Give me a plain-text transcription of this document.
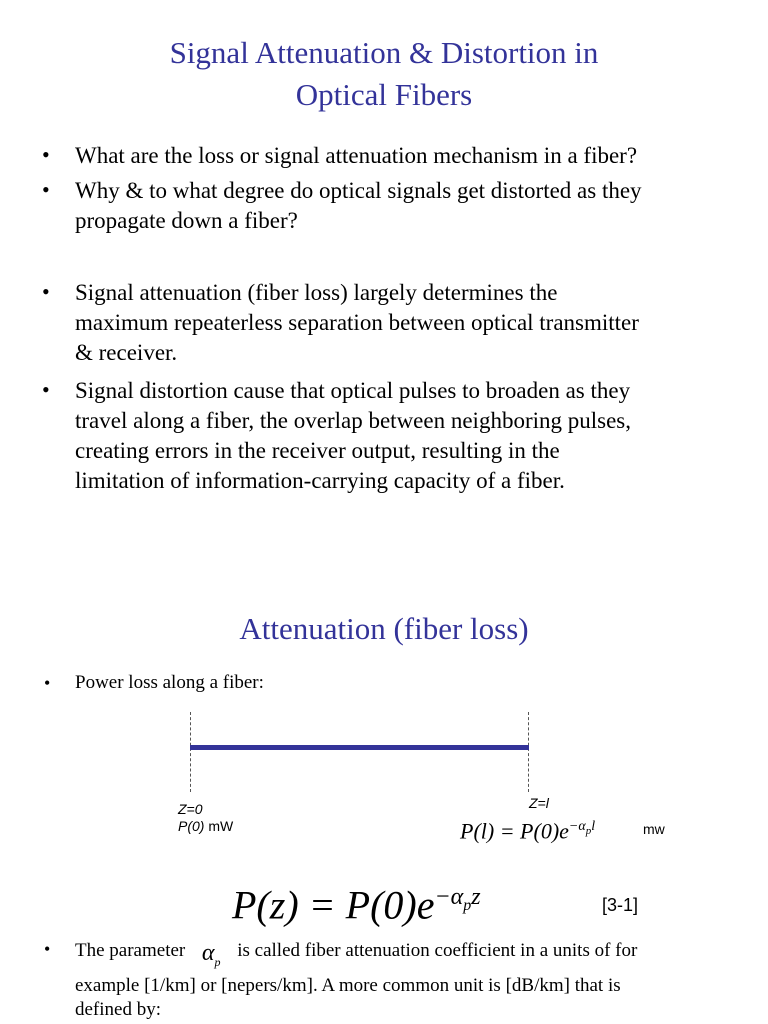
Signal Attenuation & Distortion in
Optical Fibers
• What are the loss or signal attenuation mechanism in a fiber?
• Why & to what degree do optical signals get distorted as they
propagate down a fiber?
• Signal attenuation (fiber loss) largely determines the
maximum repeaterless separation between optical transmitter
& receiver.
• Signal distortion cause that optical pulses to broaden as they
travel along a fiber, the overlap between neighboring pulses,
creating errors in the receiver output, resulting in the
limitation of information-carrying capacity of a fiber.
Attenuation (fiber loss)
• Power loss along a fiber:
Z=0
P(0) mW
Z=l
$P(l) = P(0)e^{-\alpha_pl}$	mw
$P(z) = P(0)e^{-\alpha_pz}$	[3-1]
• The parameter $\alpha_pis$ called fiber attenuation coefficient in a units of for
example [1/km] or [nepers/km]. A more common unit is [dB/km] that is
defined by:
